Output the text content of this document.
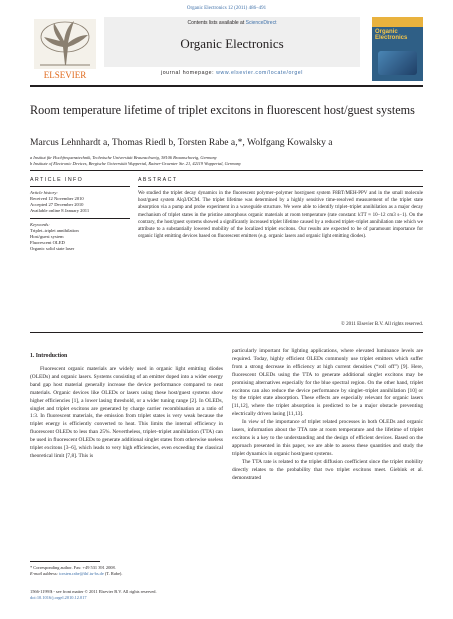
Organic Electronics 12 (2011) 486–491
ELSEVIER
Contents lists available at ScienceDirect
Organic Electronics
journal homepage: www.elsevier.com/locate/orgel
Organic Electronics
Room temperature lifetime of triplet excitons in fluorescent host/guest systems
Marcus Lehnhardt a, Thomas Riedl b, Torsten Rabe a,*, Wolfgang Kowalsky a
a Institut für Hochfrequenztechnik, Technische Universität Braunschweig, 38106 Braunschweig, Germany
b Institute of Electronic Devices, Bergische Universität Wuppertal, Rainer-Gruenter Str. 21, 42119 Wuppertal, Germany
ARTICLE INFO
Article history:
Received 12 November 2010
Accepted 27 December 2010
Available online 8 January 2011
Keywords:
Triplet–triplet annihilation
Host/guest system
Fluorescent OLED
Organic solid state laser
ABSTRACT
We studied the triplet decay dynamics in the fluorescent polymer–polymer host/guest system F8BT/MEH-PPV and in the small molecule host/guest system Alq3/DCM. The triplet lifetime was determined by a highly sensitive time-resolved measurement of the triplet state absorption via a pump and probe experiment in a waveguide structure. We were able to identify triplet–triplet annihilation as a major decay mechanism of triplet states in the pristine amorphous organic materials at room temperature (rate constant: kTT ≈ 10−12 cm3 s−1). On the contrary, the host/guest systems showed a significantly increased triplet lifetime caused by a reduced triplet–triplet annihilation rate which we attribute to a substantially lowered mobility of the localized triplet excitons. Our results are expected to be of paramount importance for organic light emitting devices based on fluorescent emitters (e.g. organic lasers and organic light emitting diodes).
© 2011 Elsevier B.V. All rights reserved.
1. Introduction

Fluorescent organic materials are widely used in organic light emitting diodes (OLEDs) and organic lasers. Systems consisting of an emitter doped into a wider energy band gap host material generally increase the device performance compared to neat materials. Organic devices like OLEDs or lasers using these host/guest systems show higher efficiencies [1], a lower lasing threshold, or a wider tuning range [2]. In OLEDs, singlet and triplet excitons are generated by charge carrier recombination at a ratio of 1:3. In fluorescent materials, the emission from triplet states is very weak because the triplet energy is efficiently converted to heat. This limits the internal efficiency in fluorescent OLEDs to less than 25%. Nevertheless, triplet–triplet annihilation (TTA) can be used in fluorescent OLEDs to generate additional singlet states from otherwise useless triplet excitons [3–6], which leads to very high efficiencies, even exceeding the classical theoretical limit [7,8]. This is

particularly important for lighting applications, where elevated luminance levels are required. Today, highly efficient OLEDs commonly use triplet emitters which suffer from a strong decrease in efficiency at high current densities (“roll off”) [9]. Here, fluorescent OLEDs using the TTA to generate additional singlet excitons may be promising alternatives especially for the blue spectral region. On the other hand, triplet excitons can also reduce the device performance by singlet–triplet annihilation [10] or by the triplet state absorption. These effects are especially relevant for organic lasers [11,12], where the triplet absorption is predicted to be a major obstacle preventing electrically driven lasing [11,13].

In view of the importance of triplet related processes in both OLEDs and organic lasers, information about the TTA rate at room temperature and the lifetime of triplet excitons is a key to the understanding and the design of efficient devices. Based on the approach presented in this paper, we are able to assess these quantities and study the triplet dynamics in organic host/guest systems.

The TTA rate is related to the triplet diffusion coefficient since the triplet mobility directly relates to the probability that two triplet excitons meet. Giebink et al. demonstrated

* Corresponding author. Fax: +49 531 391 2008.
E-mail address: torsten.rabe@ihf.tu-bs.de (T. Rabe).
1566-1199/$ - see front matter © 2011 Elsevier B.V. All rights reserved.
doi:10.1016/j.orgel.2010.12.017
